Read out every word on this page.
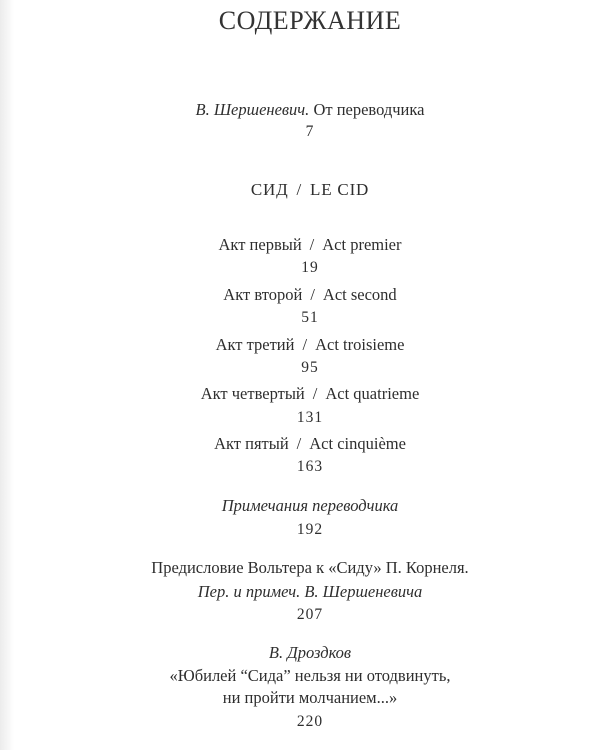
СОДЕРЖАНИЕ
В. Шершеневич. От переводчика
7
СИД / LE CID
Акт первый / Act premier
19
Акт второй / Act second
51
Акт третий / Act troisieme
95
Акт четвертый / Act quatrieme
131
Акт пятый / Act cinquième
163
Примечания переводчика
192
Предисловие Вольтера к «Сиду» П. Корнеля.
Пер. и примеч. В. Шершеневича
207
В. Дроздков
«Юбилей “Сида” нельзя ни отодвинуть,
ни пройти молчанием...»
220
